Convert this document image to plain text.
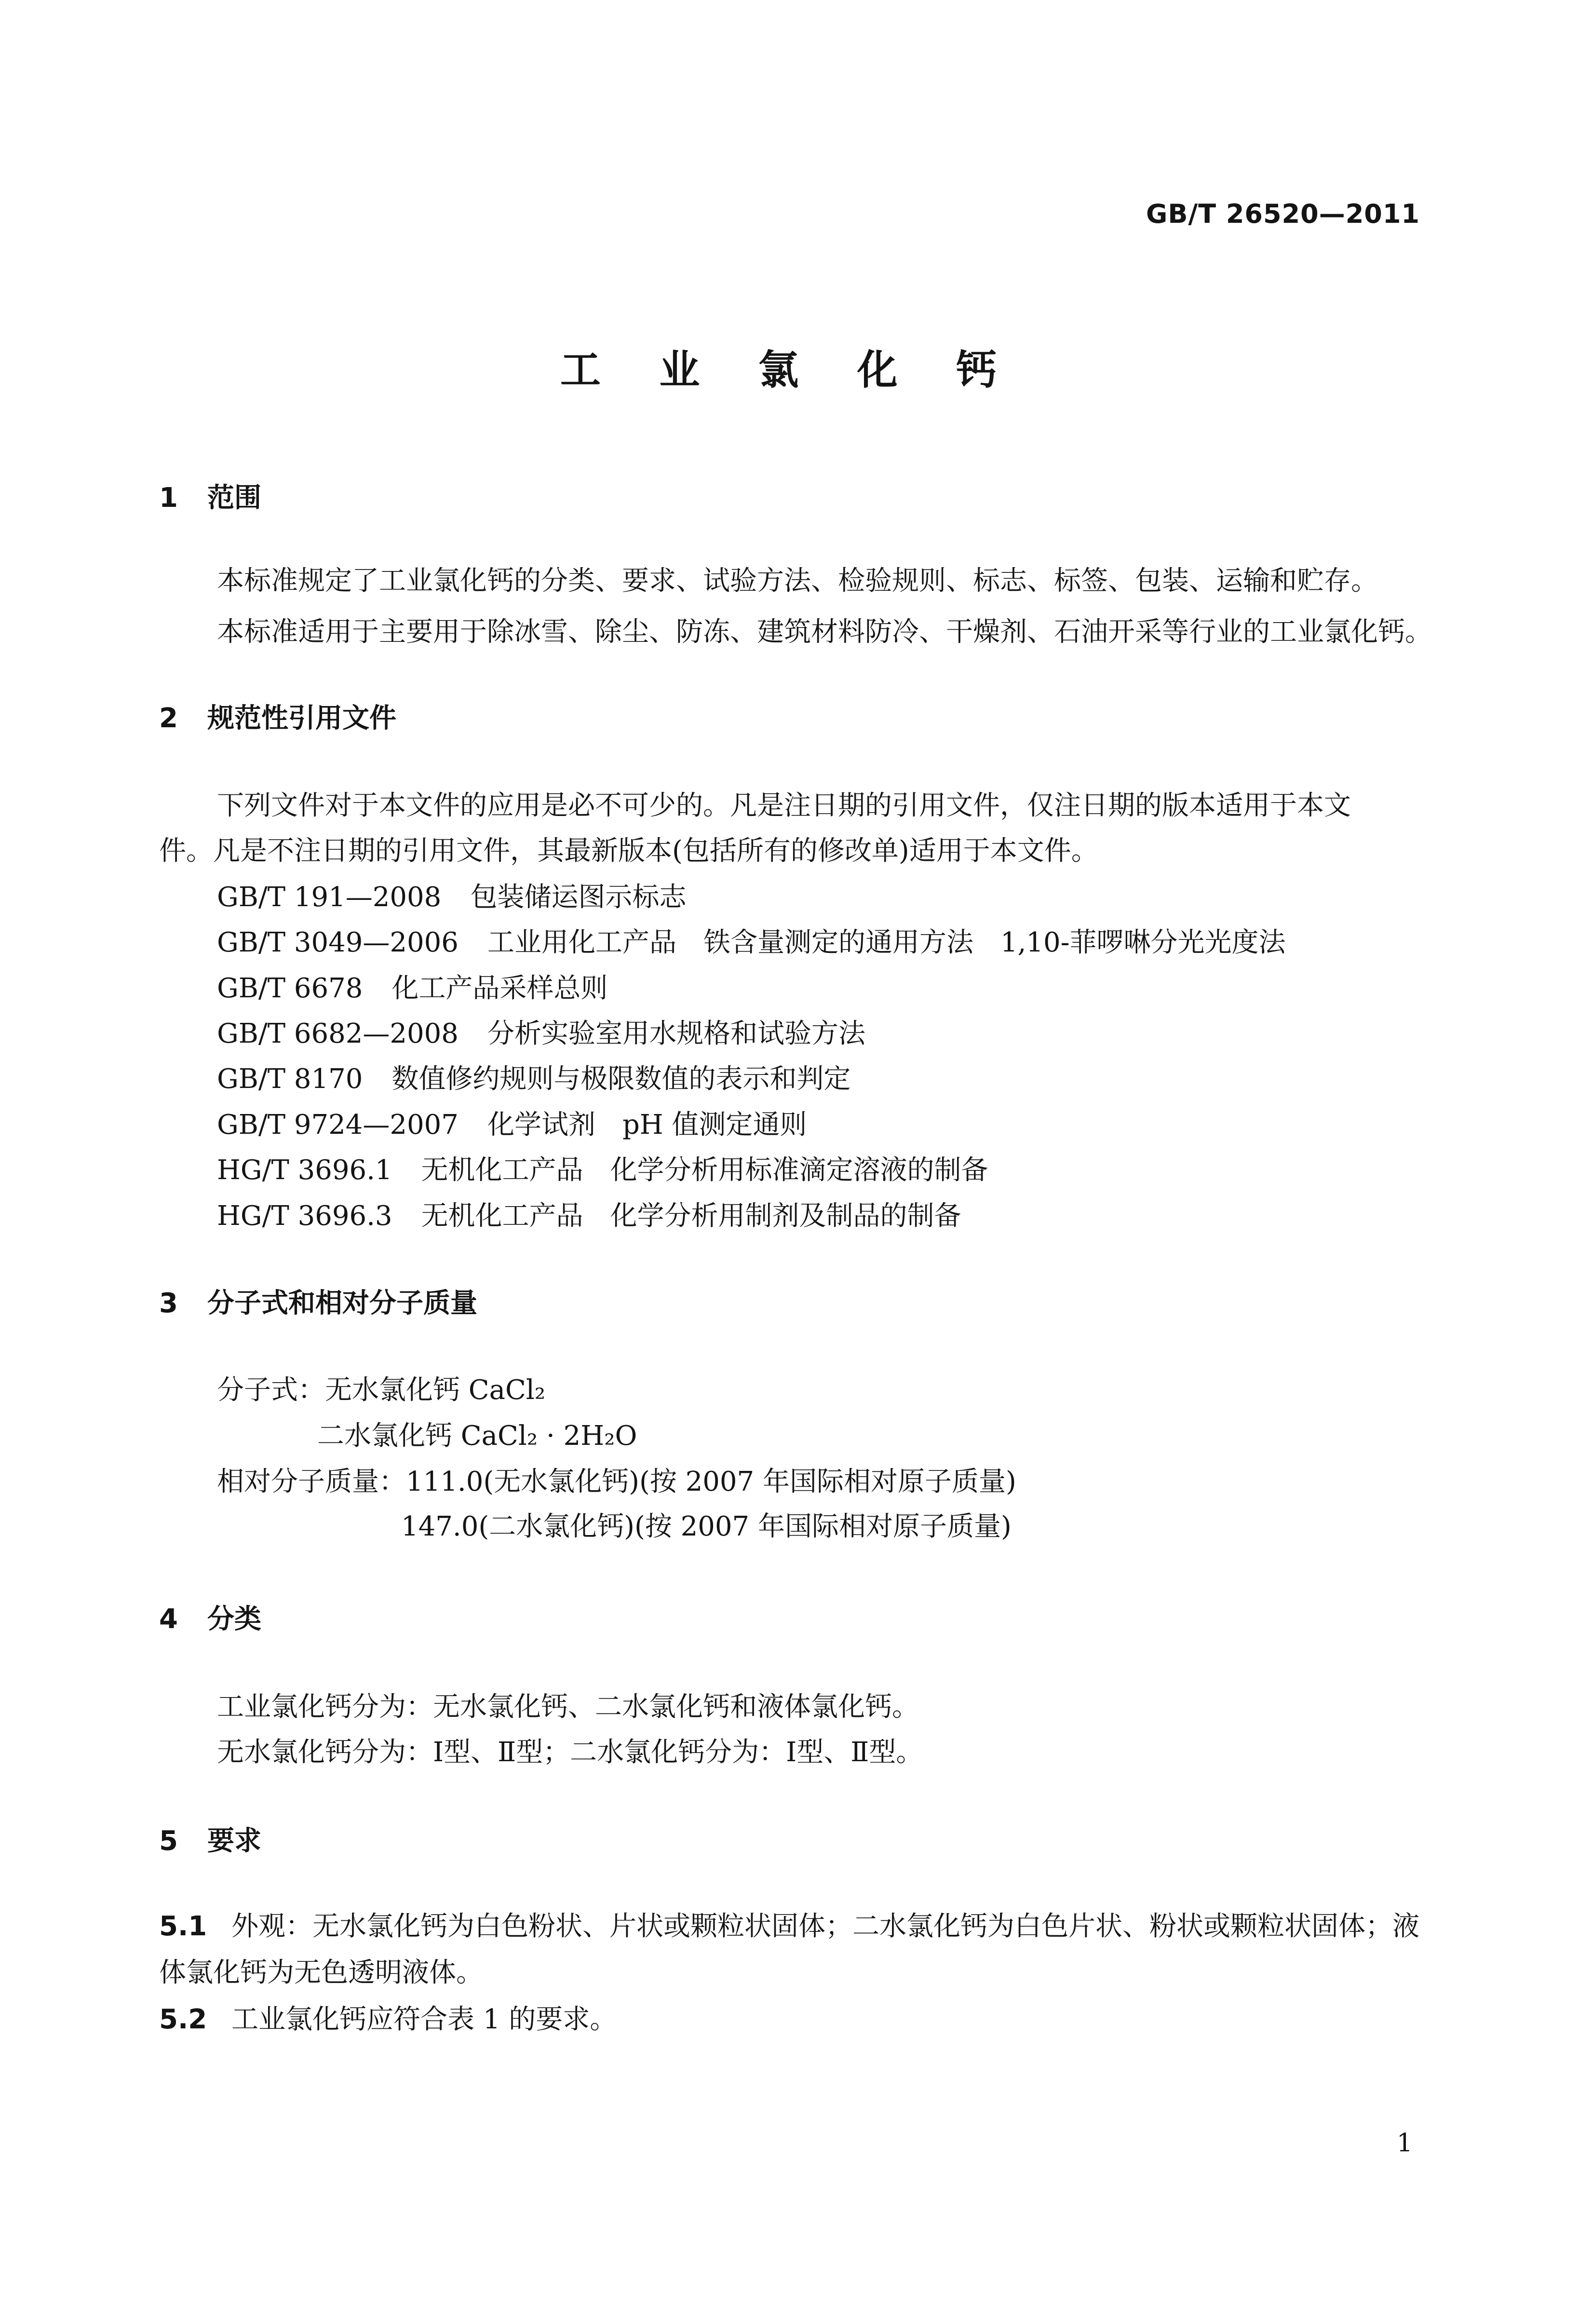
GB/T 26520—2011
工 业 氯 化 钙
1 范围
本标准规定了工业氯化钙的分类、要求、试验方法、检验规则、标志、标签、包装、运输和贮存。
本标准适用于主要用于除冰雪、除尘、防冻、建筑材料防冷、干燥剂、石油开采等行业的工业氯化钙。
2 规范性引用文件
下列文件对于本文件的应用是必不可少的。凡是注日期的引用文件，仅注日期的版本适用于本文
件。凡是不注日期的引用文件，其最新版本(包括所有的修改单)适用于本文件。
GB/T 191—2008 包装储运图示标志
GB/T 3049—2006 工业用化工产品　铁含量测定的通用方法　1,10-菲啰啉分光光度法
GB/T 6678 化工产品采样总则
GB/T 6682—2008 分析实验室用水规格和试验方法
GB/T 8170 数值修约规则与极限数值的表示和判定
GB/T 9724—2007 化学试剂　pH 值测定通则
HG/T 3696.1 无机化工产品　化学分析用标准滴定溶液的制备
HG/T 3696.3 无机化工产品　化学分析用制剂及制品的制备
3 分子式和相对分子质量
分子式：无水氯化钙 CaCl₂
二水氯化钙 CaCl₂ · 2H₂O
相对分子质量：111.0(无水氯化钙)(按 2007 年国际相对原子质量)
147.0(二水氯化钙)(按 2007 年国际相对原子质量)
4 分类
工业氯化钙分为：无水氯化钙、二水氯化钙和液体氯化钙。
无水氯化钙分为：Ⅰ型、Ⅱ型；二水氯化钙分为：Ⅰ型、Ⅱ型。
5 要求
5.1 外观：无水氯化钙为白色粉状、片状或颗粒状固体；二水氯化钙为白色片状、粉状或颗粒状固体；液
体氯化钙为无色透明液体。
5.2 工业氯化钙应符合表 1 的要求。
1
